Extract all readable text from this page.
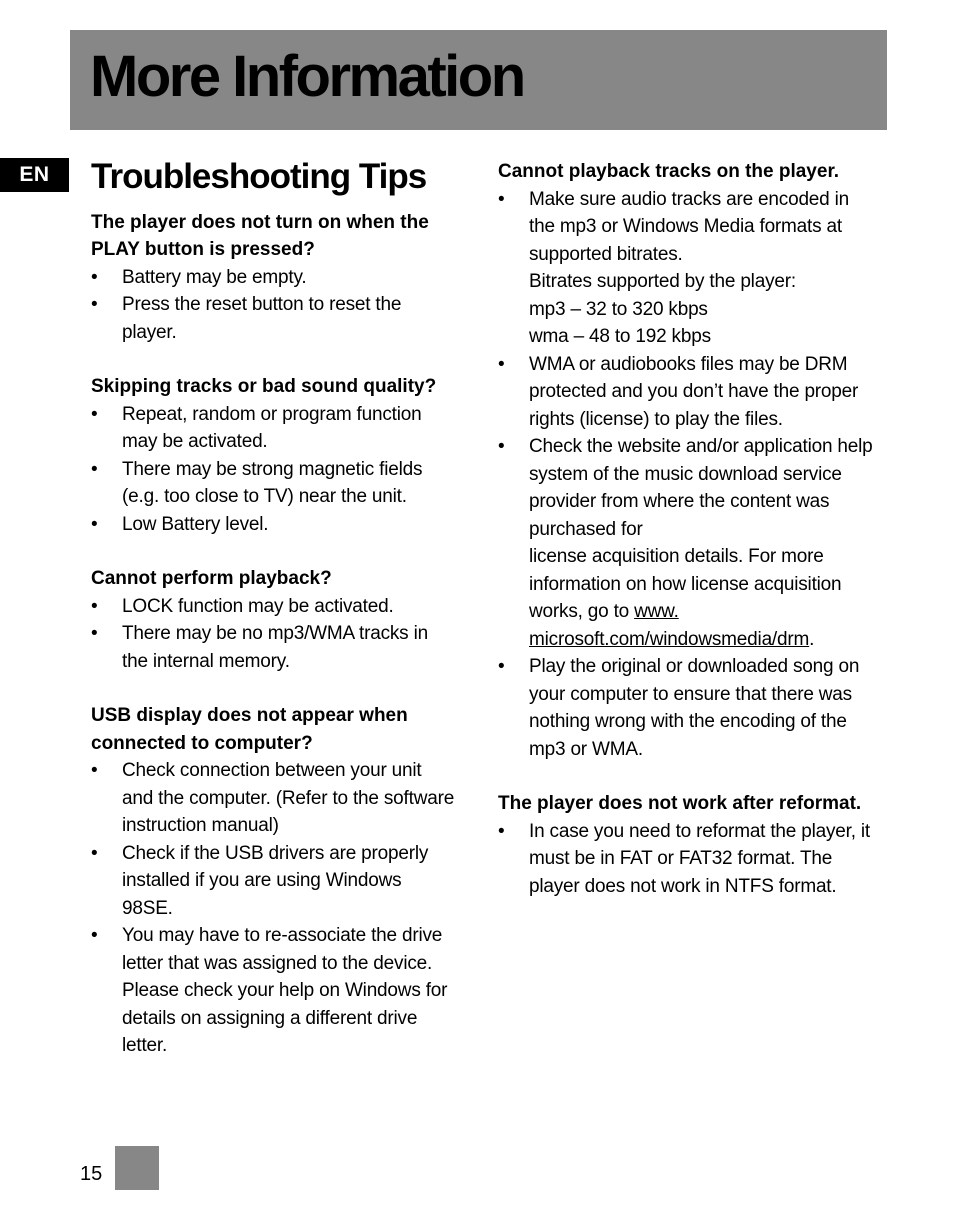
More Information
EN	Troubleshooting Tips

The player does not turn on when the PLAY button is pressed?

• Battery may be empty.
• Press the reset button to reset the player.

Skipping tracks or bad sound quality?

• Repeat, random or program function may be activated.
• There may be strong magnetic fields (e.g. too close to TV) near the unit.
• Low Battery level.

Cannot perform playback?

• LOCK function may be activated.
• There may be no mp3/WMA tracks in the internal memory.

USB display does not appear when connected to computer?

• Check connection between your unit and the computer. (Refer to the software instruction manual)
• Check if the USB drivers are properly installed if you are using Windows 98SE.
• You may have to re-associate the drive letter that was assigned to the device. Please check your help on Windows for details on assigning a different drive letter.

Cannot playback tracks on the player.

• Make sure audio tracks are encoded in the mp3 or Windows Media formats at supported bitrates.
Bitrates supported by the player:
mp3 – 32 to 320 kbps
wma – 48 to 192 kbps
• WMA or audiobooks files may be DRM protected and you don’t have the proper rights (license) to play the files.
• Check the website and/or application help system of the music download service provider from where the content was purchased for
license acquisition details. For more information on how license acquisition works, go to www.
microsoft.com/windowsmedia/drm.
• Play the original or downloaded song on your computer to ensure that there was nothing wrong with the encoding of the mp3 or WMA.

The player does not work after reformat.

• In case you need to reformat the player, it must be in FAT or FAT32 format. The player does not work in NTFS format.
15
